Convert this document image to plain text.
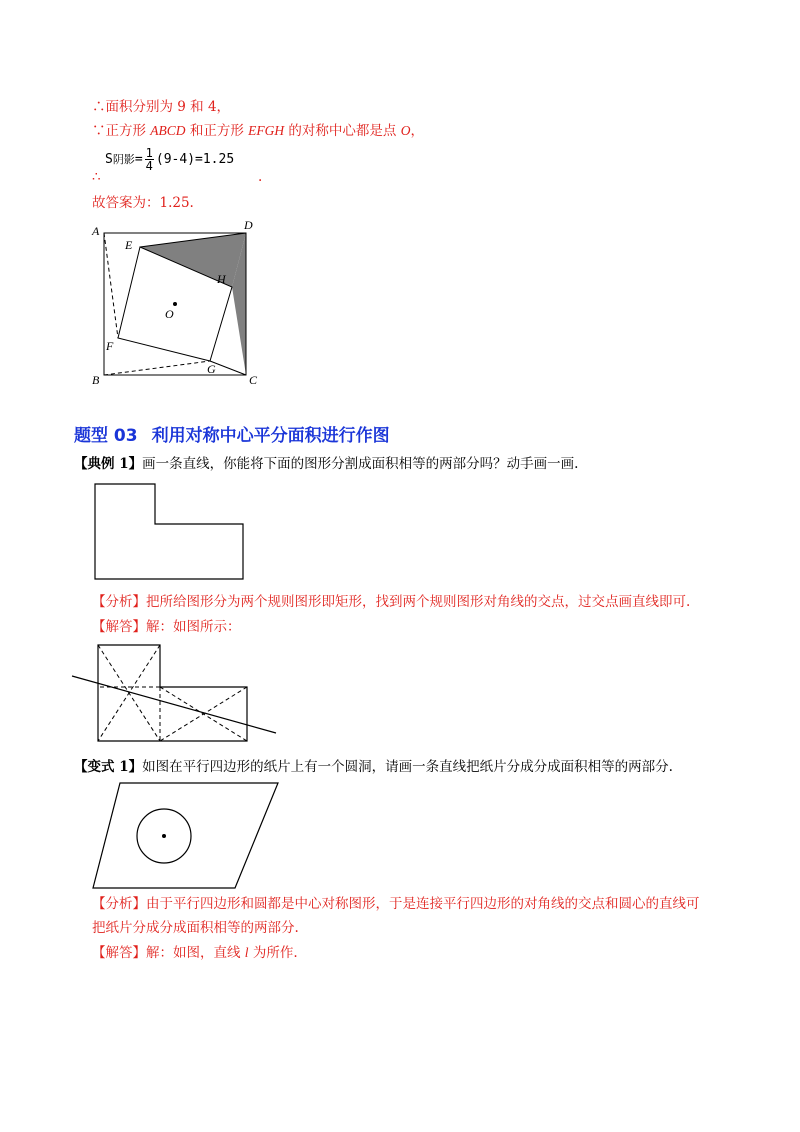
∴面积分别为 9 和 4，
∵正方形 ABCD 和正方形 EFGH 的对称中心都是点 O，
S阴影= $\frac{1}{4} (9-4)=1.25$
∴	.
故答案为：1.25.
A
B	C
D
E
F
G
H
O
题型 03 利用对称中心平分面积进行作图
【典例 1】画一条直线，你能将下面的图形分割成面积相等的两部分吗？动手画一画.
【分析】把所给图形分为两个规则图形即矩形，找到两个规则图形对角线的交点，过交点画直线即可.
【解答】解：如图所示：
【变式 1】如图在平行四边形的纸片上有一个圆洞，请画一条直线把纸片分成分成面积相等的两部分.
【分析】由于平行四边形和圆都是中心对称图形，于是连接平行四边形的对角线的交点和圆心的直线可
把纸片分成分成面积相等的两部分.
【解答】解：如图，直线 l 为所作.
